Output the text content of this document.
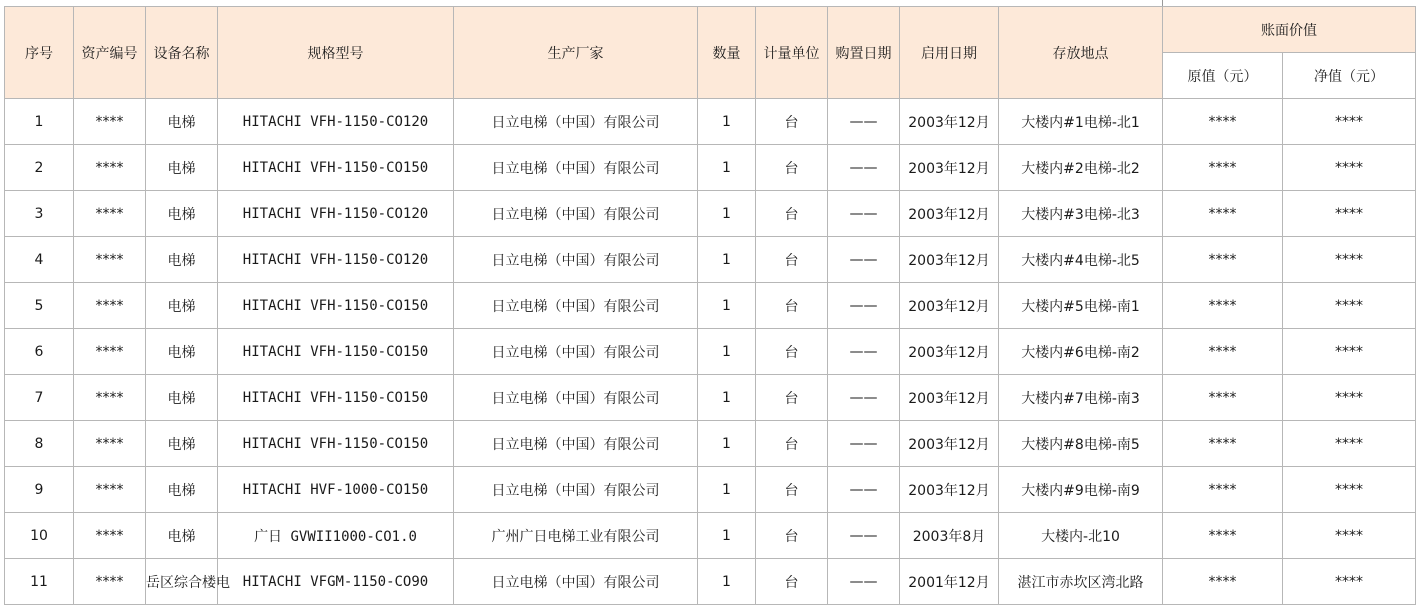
序号	资产编号	设备名称	规格型号	生产厂家	数量	计量单位	购置日期	启用日期	存放地点	账面价值	
										原值（元）	净值（元）
1	****	电梯	HITACHI VFH-1150-CO120	日立电梯（中国）有限公司	1	台	——	2003年12月	大楼内#1电梯-北1	****	****
2	****	电梯	HITACHI VFH-1150-CO150	日立电梯（中国）有限公司	1	台	——	2003年12月	大楼内#2电梯-北2	****	****
3	****	电梯	HITACHI VFH-1150-CO120	日立电梯（中国）有限公司	1	台	——	2003年12月	大楼内#3电梯-北3	****	****
4	****	电梯	HITACHI VFH-1150-CO120	日立电梯（中国）有限公司	1	台	——	2003年12月	大楼内#4电梯-北5	****	****
5	****	电梯	HITACHI VFH-1150-CO150	日立电梯（中国）有限公司	1	台	——	2003年12月	大楼内#5电梯-南1	****	****
6	****	电梯	HITACHI VFH-1150-CO150	日立电梯（中国）有限公司	1	台	——	2003年12月	大楼内#6电梯-南2	****	****
7	****	电梯	HITACHI VFH-1150-CO150	日立电梯（中国）有限公司	1	台	——	2003年12月	大楼内#7电梯-南3	****	****
8	****	电梯	HITACHI VFH-1150-CO150	日立电梯（中国）有限公司	1	台	——	2003年12月	大楼内#8电梯-南5	****	****
9	****	电梯	HITACHI HVF-1000-CO150	日立电梯（中国）有限公司	1	台	——	2003年12月	大楼内#9电梯-南9	****	****
10	****	电梯	广日 GVWII1000-CO1.0	广州广日电梯工业有限公司	1	台	——	2003年8月	大楼内-北10	****	****
11	****	岳区综合楼电	HITACHI VFGM-1150-CO90	日立电梯（中国）有限公司	1	台	——	2001年12月	湛江市赤坎区湾北路	****	****
